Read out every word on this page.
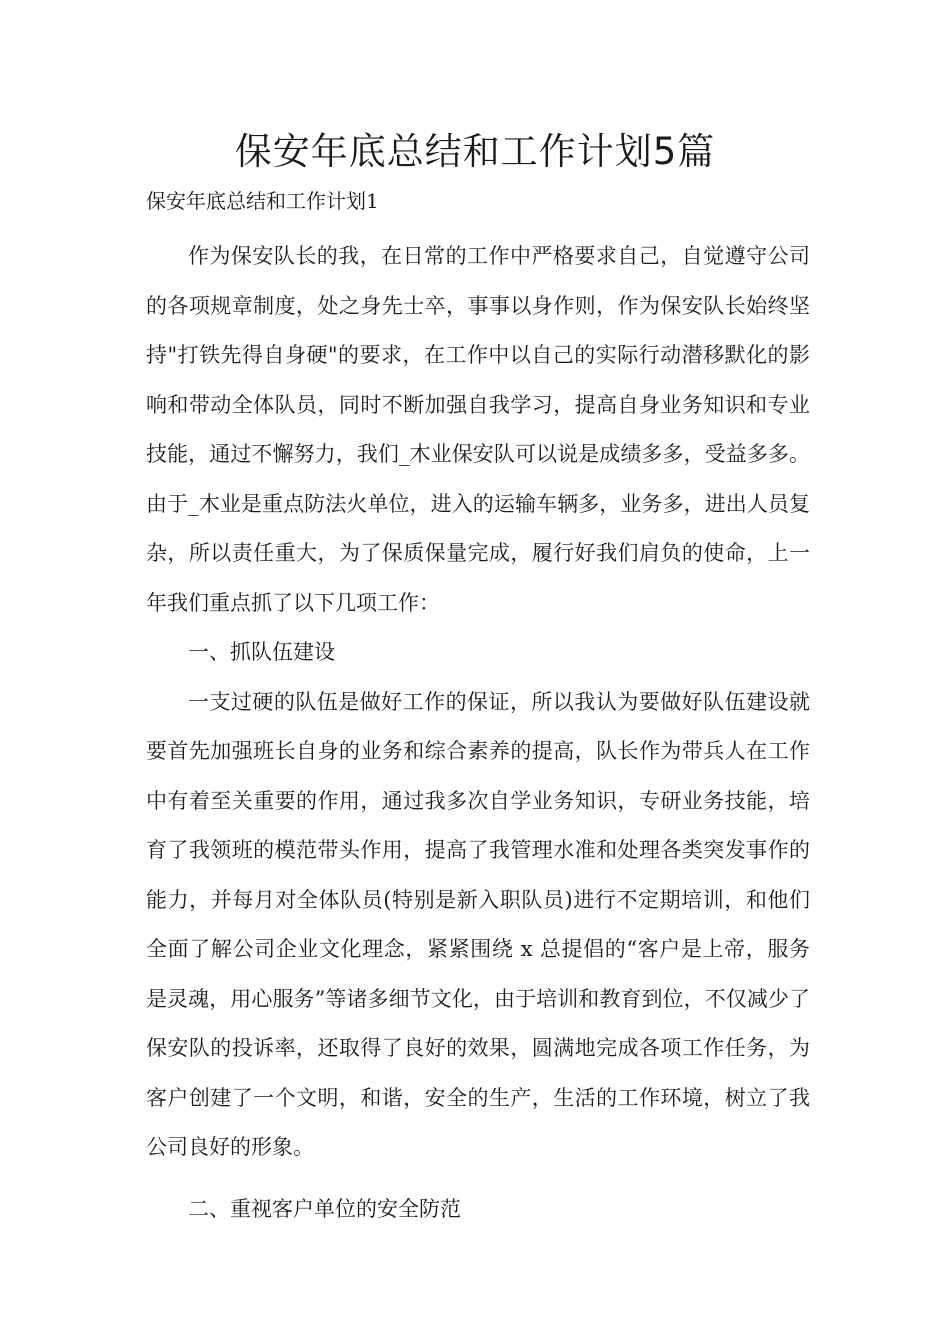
保安年底总结和工作计划5篇

保安年底总结和工作计划1

作为保安队长的我，在日常的工作中严格要求自己，自觉遵守公司的各项规章制度，处之身先士卒，事事以身作则，作为保安队长始终坚持"打铁先得自身硬"的要求，在工作中以自己的实际行动潜移默化的影响和带动全体队员，同时不断加强自我学习，提高自身业务知识和专业技能，通过不懈努力，我们_木业保安队可以说是成绩多多，受益多多。由于_木业是重点防法火单位，进入的运输车辆多，业务多，进出人员复杂，所以责任重大，为了保质保量完成，履行好我们肩负的使命，上一年我们重点抓了以下几项工作：

一、抓队伍建设

一支过硬的队伍是做好工作的保证，所以我认为要做好队伍建设就要首先加强班长自身的业务和综合素养的提高，队长作为带兵人在工作中有着至关重要的作用，通过我多次自学业务知识，专研业务技能，培育了我领班的模范带头作用，提高了我管理水准和处理各类突发事作的能力，并每月对全体队员(特别是新入职队员)进行不定期培训，和他们全面了解公司企业文化理念，紧紧围绕 x 总提倡的“客户是上帝，服务是灵魂，用心服务”等诸多细节文化，由于培训和教育到位，不仅减少了保安队的投诉率，还取得了良好的效果，圆满地完成各项工作任务，为客户创建了一个文明，和谐，安全的生产，生活的工作环境，树立了我公司良好的形象。

二、重视客户单位的安全防范
